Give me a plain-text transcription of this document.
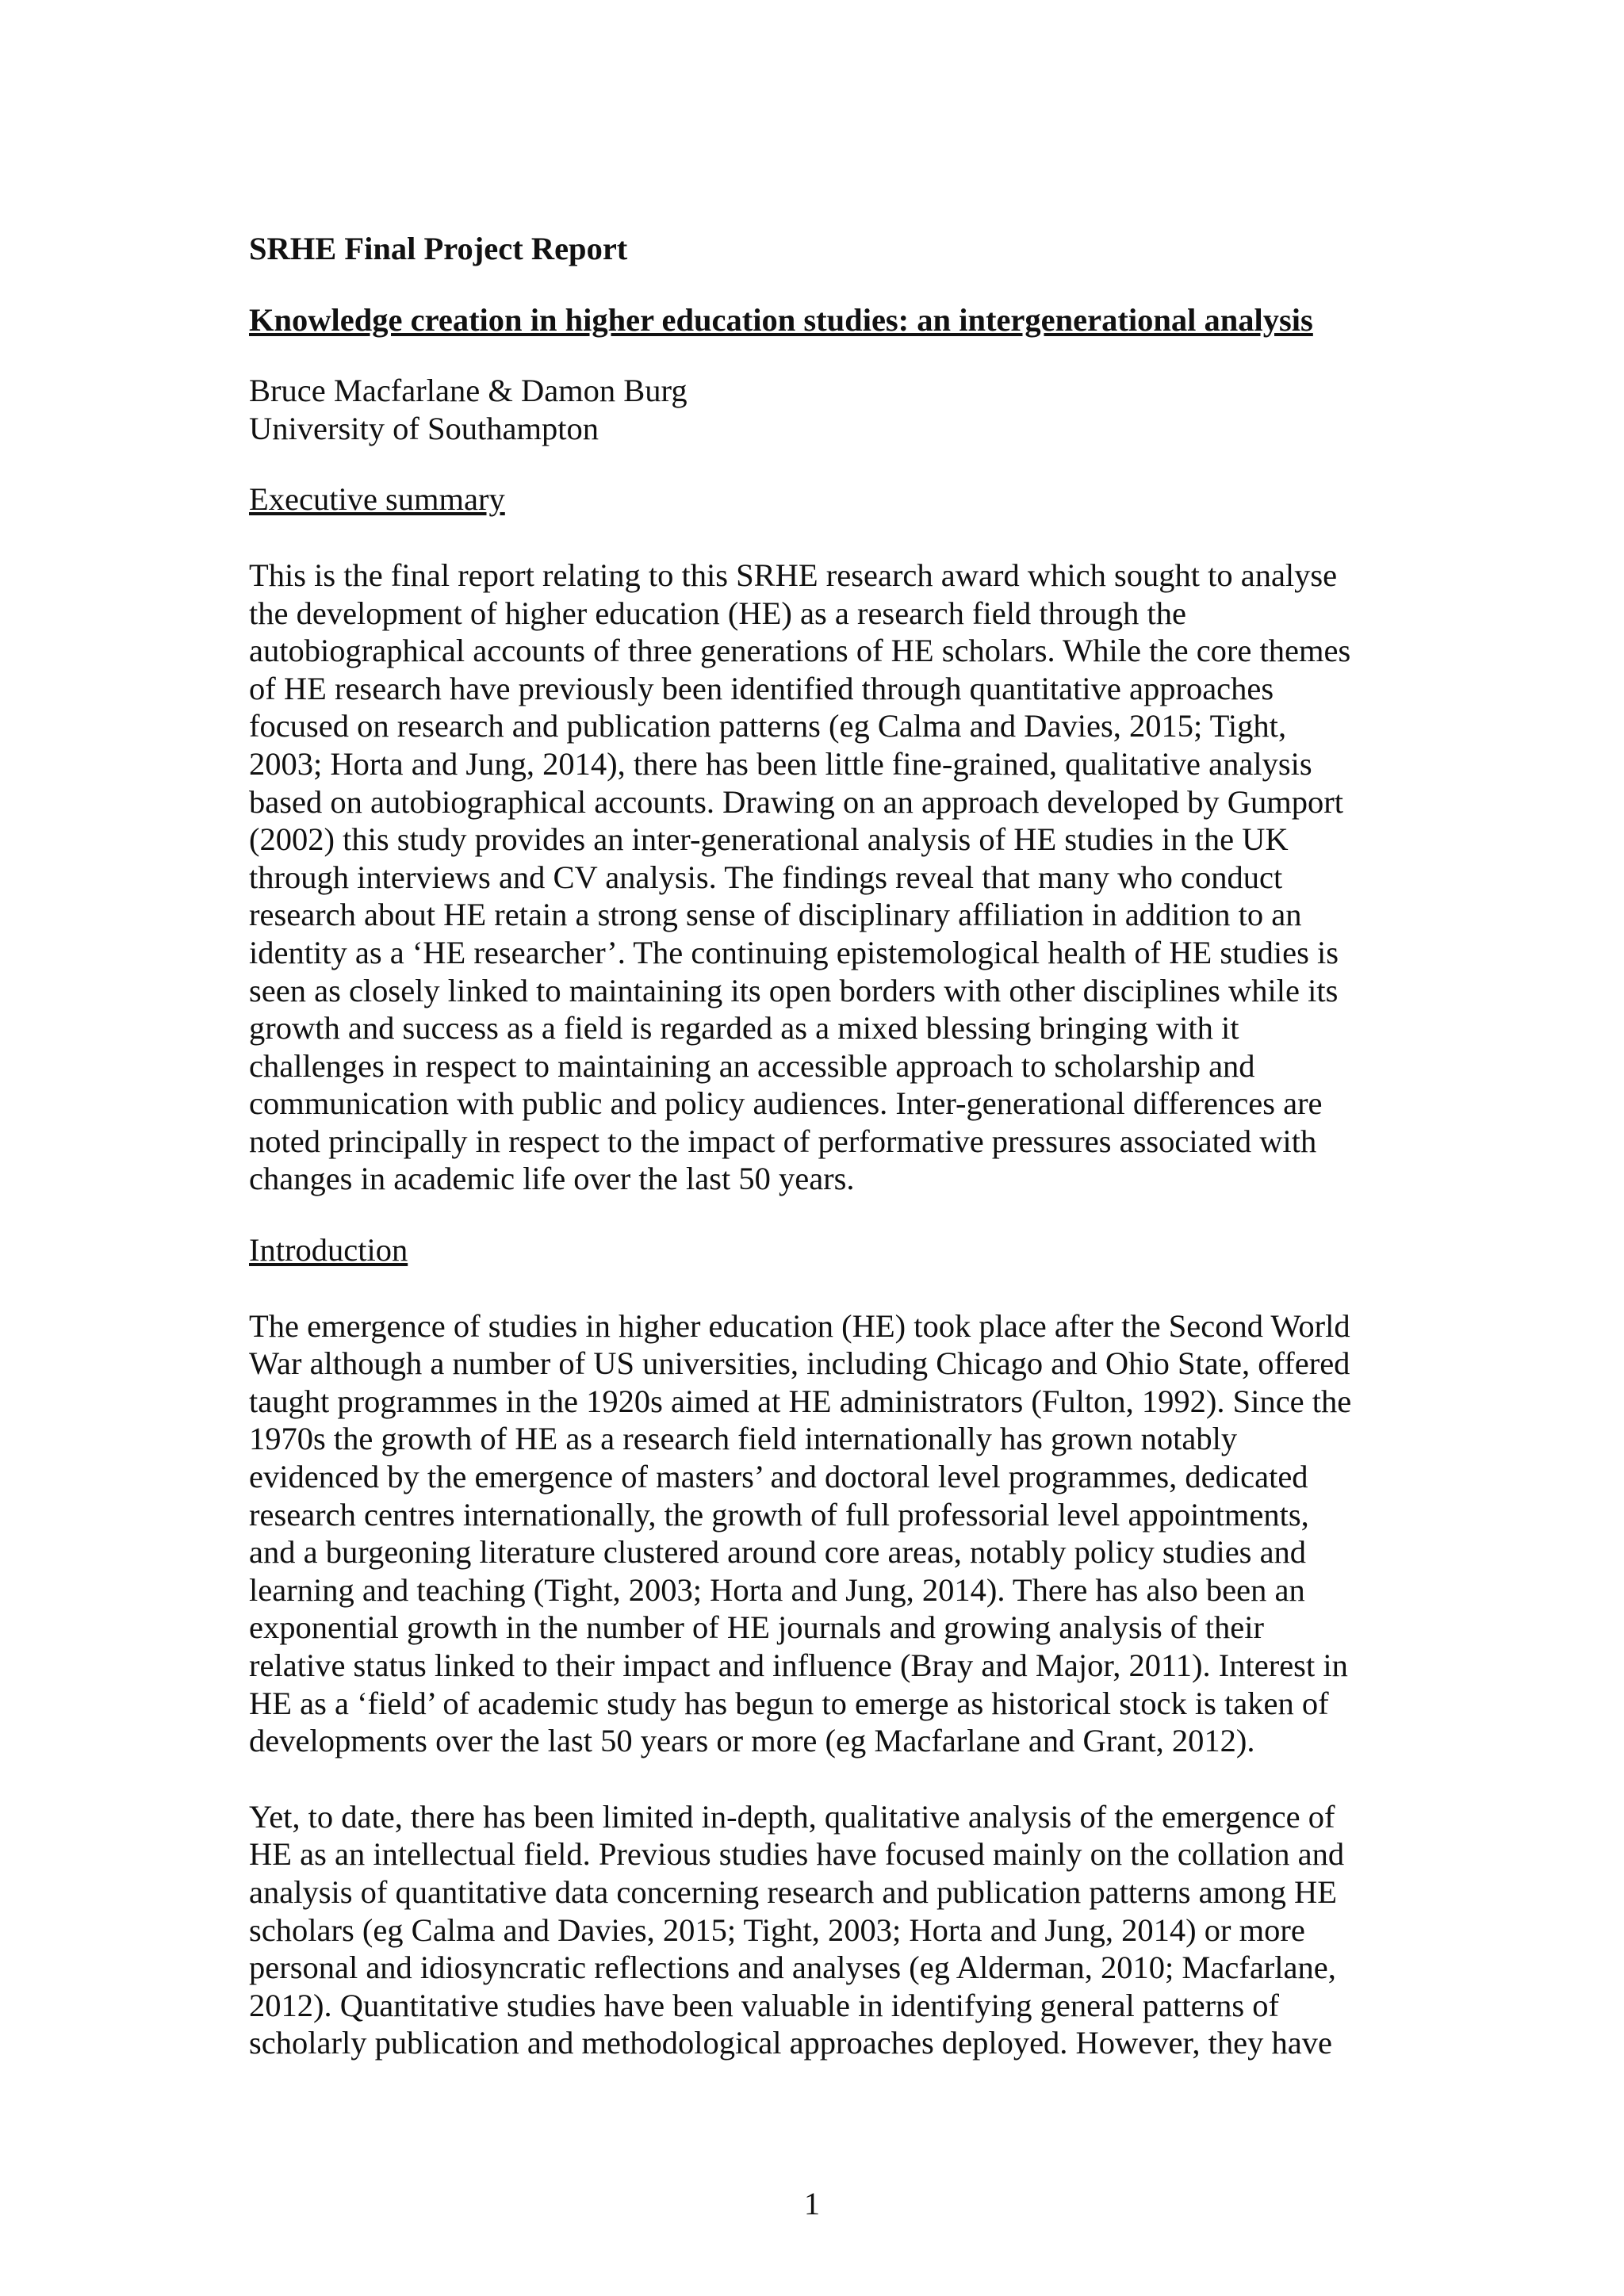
SRHE Final Project Report

Knowledge creation in higher education studies: an intergenerational analysis

Bruce Macfarlane & Damon Burg
University of Southampton

Executive summary

This is the final report relating to this SRHE research award which sought to analyse
the development of higher education (HE) as a research field through the
autobiographical accounts of three generations of HE scholars. While the core themes
of HE research have previously been identified through quantitative approaches
focused on research and publication patterns (eg Calma and Davies, 2015; Tight,
2003; Horta and Jung, 2014), there has been little fine-grained, qualitative analysis
based on autobiographical accounts. Drawing on an approach developed by Gumport
(2002) this study provides an inter-generational analysis of HE studies in the UK
through interviews and CV analysis. The findings reveal that many who conduct
research about HE retain a strong sense of disciplinary affiliation in addition to an
identity as a ‘HE researcher’. The continuing epistemological health of HE studies is
seen as closely linked to maintaining its open borders with other disciplines while its
growth and success as a field is regarded as a mixed blessing bringing with it
challenges in respect to maintaining an accessible approach to scholarship and
communication with public and policy audiences. Inter-generational differences are
noted principally in respect to the impact of performative pressures associated with
changes in academic life over the last 50 years.

Introduction

The emergence of studies in higher education (HE) took place after the Second World
War although a number of US universities, including Chicago and Ohio State, offered
taught programmes in the 1920s aimed at HE administrators (Fulton, 1992). Since the
1970s the growth of HE as a research field internationally has grown notably
evidenced by the emergence of masters’ and doctoral level programmes, dedicated
research centres internationally, the growth of full professorial level appointments,
and a burgeoning literature clustered around core areas, notably policy studies and
learning and teaching (Tight, 2003; Horta and Jung, 2014). There has also been an
exponential growth in the number of HE journals and growing analysis of their
relative status linked to their impact and influence (Bray and Major, 2011). Interest in
HE as a ‘field’ of academic study has begun to emerge as historical stock is taken of
developments over the last 50 years or more (eg Macfarlane and Grant, 2012).
Yet, to date, there has been limited in-depth, qualitative analysis of the emergence of
HE as an intellectual field. Previous studies have focused mainly on the collation and
analysis of quantitative data concerning research and publication patterns among HE
scholars (eg Calma and Davies, 2015; Tight, 2003; Horta and Jung, 2014) or more
personal and idiosyncratic reflections and analyses (eg Alderman, 2010; Macfarlane,
2012). Quantitative studies have been valuable in identifying general patterns of
scholarly publication and methodological approaches deployed. However, they have
1
